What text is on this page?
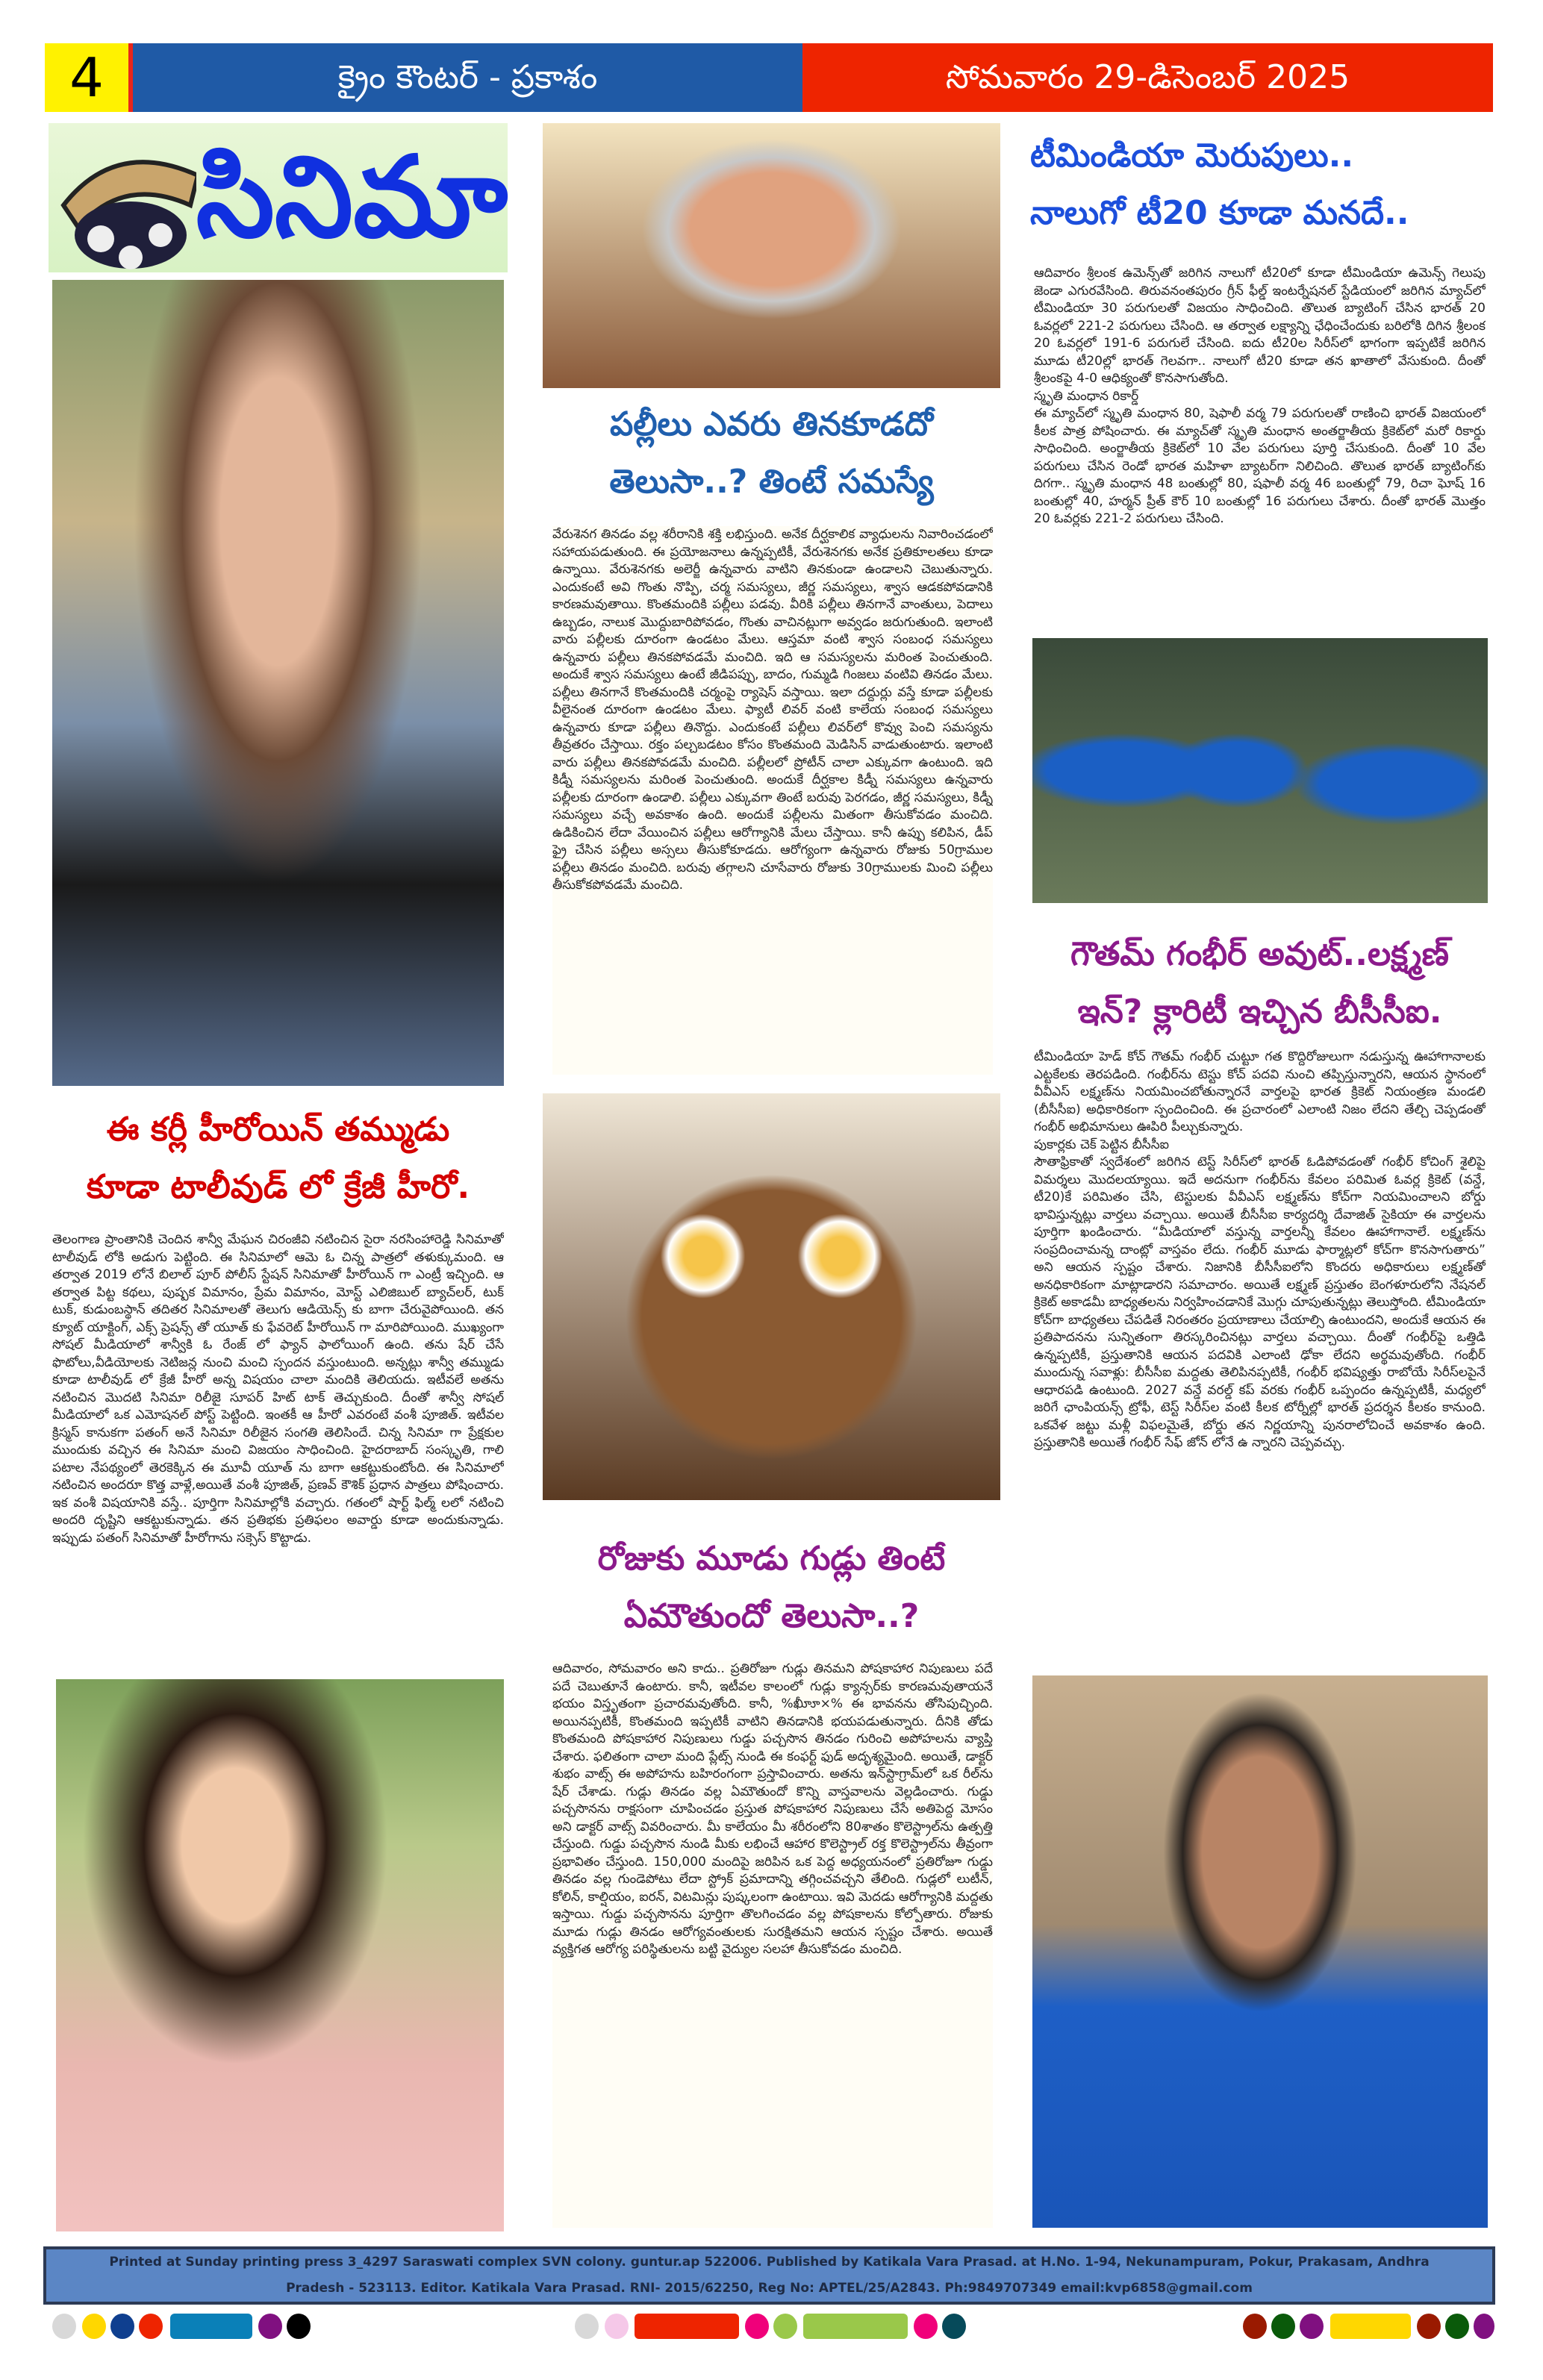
4	క్రైం కౌంటర్ - ప్రకాశం	సోమవారం 29-డిసెంబర్ 2025
సినిమా
ఈ కర్లీ హీరోయిన్ తమ్ముడు
కూడా టాలీవుడ్ లో క్రేజీ హీరో.
తెలంగాణ ప్రాంతానికి చెందిన శాన్వీ మేఘన చిరంజీవి నటించిన సైరా నరసింహారెడ్డి సినిమాతో టాలీవుడ్ లోకి అడుగు పెట్టింది. ఈ సినిమాలో ఆమె ఓ చిన్న పాత్రలో తళుక్కుమంది. ఆ తర్వాత 2019 లోనే బిలాల్ పూర్ పోలీస్ స్టేషన్ సినిమాతో హీరోయిన్ గా ఎంట్రీ ఇచ్చింది. ఆ తర్వాత పిట్ట కథలు, పుష్పక విమానం, ప్రేమ విమానం, మోస్ట్ ఎలిజిబుల్ బ్యాచ్‌లర్, టుక్ టుక్, కుడుంబస్థాన్ తదితర సినిమాలతో తెలుగు ఆడియెన్స్ కు బాగా చేరువైపోయింది. తన క్యూట్ యాక్టింగ్, ఎక్స్ ప్రెషన్స్ తో యూత్ కు ఫేవరెట్ హీరోయిన్ గా మారిపోయింది. ముఖ్యంగా సోషల్ మీడియాలో శాన్వీకి ఓ రేంజ్ లో ఫ్యాన్ ఫాలోయింగ్ ఉంది. తను షేర్ చేసే ఫొటోలు,వీడియోలకు నెటిజన్ల నుంచి మంచి స్పందన వస్తుంటుంది. అన్నట్లు శాన్వీ తమ్ముడు కూడా టాలీవుడ్ లో క్రేజీ హీరో అన్న విషయం చాలా మందికి తెలియదు. ఇటీవలే అతను నటించిన మొదటి సినిమా రిలీజై సూపర్ హిట్ టాక్ తెచ్చుకుంది. దీంతో శాన్వీ సోషల్ మీడియాలో ఒక ఎమోషనల్ పోస్ట్ పెట్టింది. ఇంతకీ ఆ హీరో ఎవరంటే వంశీ పూజిత్. ఇటీవల క్రిస్మస్ కానుకగా పతంగ్ అనే సినిమా రిలీజైన సంగతి తెలిసిందే. చిన్న సినిమా గా ప్రేక్షకుల ముందుకు వచ్చిన ఈ సినిమా మంచి విజయం సాధించింది. హైదరాబాద్ సంస్కృతి, గాలి పటాల నేపథ్యంలో తెరకెక్కిన ఈ మూవీ యూత్ ను బాగా ఆకట్టుకుంటోంది. ఈ సినిమాలో నటించిన అందరూ కొత్త వాళ్లే,అయితే వంశీ పూజిత్, ప్రణవ్ కౌశిక్ ప్రధాన పాత్రలు పోషించారు. ఇక వంశీ విషయానికి వస్తే.. పూర్తిగా సినిమాల్లోకి వచ్చారు. గతంలో షార్ట్ ఫిల్మ్ లలో నటించి అందరి దృష్టిని ఆకట్టుకున్నాడు. తన ప్రతిభకు ప్రతిఫలం అవార్డు కూడా అందుకున్నాడు. ఇప్పుడు పతంగ్ సినిమాతో హీరోగాను సక్సెస్ కొట్టాడు.
పల్లీలు ఎవరు తినకూడదో
తెలుసా..? తింటే సమస్యే
వేరుశెనగ తినడం వల్ల శరీరానికి శక్తి లభిస్తుంది. అనేక దీర్ఘకాలిక వ్యాధులను నివారించడంలో సహాయపడుతుంది. ఈ ప్రయోజనాలు ఉన్నప్పటికీ, వేరుశెనగకు అనేక ప్రతికూలతలు కూడా ఉన్నాయి. వేరుశెనగకు అలెర్జీ ఉన్నవారు వాటిని తినకుండా ఉండాలని చెబుతున్నారు. ఎందుకంటే అవి గొంతు నొప్పి, చర్మ సమస్యలు, జీర్ణ సమస్యలు, శ్వాస ఆడకపోవడానికి కారణమవుతాయి. కొంతమందికి పల్లీలు పడవు. వీరికి పల్లీలు తినగానే వాంతులు, పెదాలు ఉబ్బడం, నాలుక మొద్దుబారిపోవడం, గొంతు వాచినట్లుగా అవ్వడం జరుగుతుంది. ఇలాంటి వారు పల్లీలకు దూరంగా ఉండటం మేలు. ఆస్తమా వంటి శ్వాస సంబంధ సమస్యలు ఉన్నవారు పల్లీలు తినకపోవడమే మంచిది. ఇది ఆ సమస్యలను మరింత పెంచుతుంది. అందుకే శ్వాస సమస్యలు ఉంటే జీడిపప్పు, బాదం, గుమ్మడి గింజలు వంటివి తినడం మేలు. పల్లీలు తినగానే కొంతమందికి చర్మంపై ర్యాషెస్ వస్తాయి. ఇలా దద్దుర్లు వస్తే కూడా పల్లీలకు వీలైనంత దూరంగా ఉండటం మేలు. ఫ్యాటీ లివర్ వంటి కాలేయ సంబంధ సమస్యలు ఉన్నవారు కూడా పల్లీలు తినొద్దు. ఎందుకంటే పల్లీలు లివర్‌లో కొవ్వు పెంచి సమస్యను తీవ్రతరం చేస్తాయి. రక్తం పల్చబడటం కోసం కొంతమంది మెడిసిన్ వాడుతుంటారు. ఇలాంటి వారు పల్లీలు తినకపోవడమే మంచిది. పల్లీలలో ప్రోటీన్ చాలా ఎక్కువగా ఉంటుంది. ఇది కిడ్నీ సమస్యలను మరింత పెంచుతుంది. అందుకే దీర్ఘకాల కిడ్నీ సమస్యలు ఉన్నవారు పల్లీలకు దూరంగా ఉండాలి. పల్లీలు ఎక్కువగా తింటే బరువు పెరగడం, జీర్ణ సమస్యలు, కిడ్నీ సమస్యలు వచ్చే అవకాశం ఉంది. అందుకే పల్లీలను మితంగా తీసుకోవడం మంచిది. ఉడికించిన లేదా వేయించిన పల్లీలు ఆరోగ్యానికి మేలు చేస్తాయి. కానీ ఉప్పు కలిపిన, డీప్ ఫ్రై చేసిన పల్లీలు అస్సలు తీసుకోకూడదు. ఆరోగ్యంగా ఉన్నవారు రోజుకు 50గ్రాముల పల్లీలు తినడం మంచిది. బరువు తగ్గాలని చూసేవారు రోజుకు 30గ్రాములకు మించి పల్లీలు తీసుకోకపోవడమే మంచిది.
రోజుకు మూడు గుడ్లు తింటే
ఏమౌతుందో తెలుసా..?
ఆదివారం, సోమవారం అని కాదు.. ప్రతిరోజూ గుడ్లు తినమని పోషకాహార నిపుణులు పదే పదే చెబుతూనే ఉంటారు. కానీ, ఇటీవల కాలంలో గుడ్లు క్యాన్సర్‌కు కారణమవుతాయనే భయం విస్తృతంగా ప్రచారమవుతోంది. కానీ, %ఖీూూ×% ఈ భావనను తోసిపుచ్చింది. అయినప్పటికీ, కొంతమంది ఇప్పటికీ వాటిని తినడానికి భయపడుతున్నారు. దీనికి తోడు కొంతమంది పోషకాహార నిపుణులు గుడ్డు పచ్చసొన తినడం గురించి అపోహలను వ్యాప్తి చేశారు. ఫలితంగా చాలా మంది ప్లేట్స్ నుండి ఈ కంఫర్ట్ ఫుడ్ అదృశ్యమైంది. అయితే, డాక్టర్ శుభం వాట్స్ ఈ అపోహను బహిరంగంగా ప్రస్తావించారు. అతను ఇన్‌స్టాగ్రామ్‌లో ఒక రీల్‌ను షేర్ చేశాడు. గుడ్లు తినడం వల్ల ఏమౌతుందో కొన్ని వాస్తవాలను వెల్లడించారు. గుడ్డు పచ్చసొనను రాక్షసంగా చూపించడం ప్రస్తుత పోషకాహార నిపుణులు చేసే అతిపెద్ద మోసం అని డాక్టర్ వాట్స్ వివరించారు. మీ కాలేయం మీ శరీరంలోని 80శాతం కొలెస్ట్రాల్‌ను ఉత్పత్తి చేస్తుంది. గుడ్డు పచ్చసొన నుండి మీకు లభించే ఆహార కొలెస్ట్రాల్ రక్త కొలెస్ట్రాల్‌ను తీవ్రంగా ప్రభావితం చేస్తుంది. 150,000 మందిపై జరిపిన ఒక పెద్ద అధ్యయనంలో ప్రతిరోజూ గుడ్డు తినడం వల్ల గుండెపోటు లేదా స్ట్రోక్ ప్రమాదాన్ని తగ్గించవచ్చని తేలింది. గుడ్లలో లుటీన్, కోలిన్, కాల్షియం, ఐరన్, విటమిన్లు పుష్కలంగా ఉంటాయి. ఇవి మెదడు ఆరోగ్యానికి మద్దతు ఇస్తాయి. గుడ్డు పచ్చసొనను పూర్తిగా తొలగించడం వల్ల పోషకాలను కోల్పోతారు. రోజుకు మూడు గుడ్లు తినడం ఆరోగ్యవంతులకు సురక్షితమని ఆయన స్పష్టం చేశారు. అయితే వ్యక్తిగత ఆరోగ్య పరిస్థితులను బట్టి వైద్యుల సలహా తీసుకోవడం మంచిది.
టీమిండియా మెరుపులు..
నాలుగో టీ20 కూడా మనదే..

ఆదివారం శ్రీలంక ఉమెన్స్‌తో జరిగిన నాలుగో టీ20లో కూడా టీమిండియా ఉమెన్స్ గెలుపు జెండా ఎగురవేసింది. తిరువనంతపురం గ్రీన్ ఫీల్డ్ ఇంటర్నేషనల్ స్టేడియంలో జరిగిన మ్యాచ్‌లో టీమిండియా 30 పరుగులతో విజయం సాధించింది. తొలుత బ్యాటింగ్ చేసిన భారత్ 20 ఓవర్లలో 221-2 పరుగులు చేసింది. ఆ తర్వాత లక్ష్యాన్ని ఛేధించేందుకు బరిలోకి దిగిన శ్రీలంక 20 ఓవర్లలో 191-6 పరుగులే చేసింది. ఐదు టీ20ల సిరీస్‌లో భాగంగా ఇప్పటికే జరిగిన మూడు టీ20ల్లో భారత్ గెలవగా.. నాలుగో టీ20 కూడా తన ఖాతాలో వేసుకుంది. దీంతో శ్రీలంకపై 4-0 ఆధిక్యంతో కొనసాగుతోంది.

స్మృతి మంధాన రికార్డ్

ఈ మ్యాచ్‌లో స్మృతి మంధాన 80, షెఫాలీ వర్మ 79 పరుగులతో రాణించి భారత్ విజయంలో కీలక పాత్ర పోషించారు. ఈ మ్యాచ్‌తో స్మృతి మంధాన అంతర్జాతీయ క్రికెట్‌లో మరో రికార్డు సాధించింది. అంర్జాతీయ క్రికెట్‌లో 10 వేల పరుగులు పూర్తి చేసుకుంది. దీంతో 10 వేల పరుగులు చేసిన రెండో భారత మహిళా బ్యాటర్‌గా నిలిచింది. తొలుత భారత్ బ్యాటింగ్‌కు దిగగా.. స్మృతి మంధాన 48 బంతుల్లో 80, షఫాలీ వర్మ 46 బంతుల్లో 79, రిచా ఘోష్ 16 బంతుల్లో 40, హర్మన్ ప్రీత్ కౌర్ 10 బంతుల్లో 16 పరుగులు చేశారు. దీంతో భారత్ మొత్తం 20 ఓవర్లకు 221-2 పరుగులు చేసింది.

గౌతమ్ గంభీర్ అవుట్..లక్ష్మణ్
ఇన్? క్లారిటీ ఇచ్చిన బీసీసీఐ.

టీమిండియా హెడ్ కోచ్ గౌతమ్ గంభీర్ చుట్టూ గత కొద్దిరోజులుగా నడుస్తున్న ఊహాగానాలకు ఎట్టకేలకు తెరపడింది. గంభీర్‌ను టెస్టు కోచ్ పదవి నుంచి తప్పిస్తున్నారని, ఆయన స్థానంలో వీవీఎస్ లక్ష్మణ్‌ను నియమించబోతున్నారనే వార్తలపై భారత క్రికెట్ నియంత్రణ మండలి (బీసీసీఐ) అధికారికంగా స్పందించింది. ఈ ప్రచారంలో ఎలాంటి నిజం లేదని తేల్చి చెప్పడంతో గంభీర్ అభిమానులు ఊపిరి పీల్చుకున్నారు.

పుకార్లకు చెక్ పెట్టిన బీసీసీఐ

సౌతాఫ్రికాతో స్వదేశంలో జరిగిన టెస్ట్ సిరీస్‌లో భారత్ ఓడిపోవడంతో గంభీర్ కోచింగ్ శైలిపై విమర్శలు మొదలయ్యాయి. ఇదే అదనుగా గంభీర్‌ను కేవలం పరిమిత ఓవర్ల క్రికెట్ (వన్డే, టీ20)కే పరిమితం చేసి, టెస్టులకు వీవీఎస్ లక్ష్మణ్‌ను కోచ్‌గా నియమించాలని బోర్డు భావిస్తున్నట్లు వార్తలు వచ్చాయి. అయితే బీసీసీఐ కార్యదర్శి దేవాజిత్ సైకియా ఈ వార్తలను పూర్తిగా ఖండించారు. “మీడియాలో వస్తున్న వార్తలన్నీ కేవలం ఊహాగానాలే. లక్ష్మణ్‌ను సంప్రదించామన్న దాంట్లో వాస్తవం లేదు. గంభీర్ మూడు ఫార్మాట్లలో కోచ్‌గా కొనసాగుతారు” అని ఆయన స్పష్టం చేశారు. నిజానికి బీసీసీఐలోని కొందరు అధికారులు లక్ష్మణ్‌తో అనధికారికంగా మాట్లాడారని సమాచారం. అయితే లక్ష్మణ్ ప్రస్తుతం బెంగళూరులోని నేషనల్ క్రికెట్ అకాడమీ బాధ్యతలను నిర్వహించడానికే మొగ్గు చూపుతున్నట్లు తెలుస్తోంది. టీమిండియా కోచ్‌గా బాధ్యతలు చేపడితే నిరంతరం ప్రయాణాలు చేయాల్సి ఉంటుందని, అందుకే ఆయన ఈ ప్రతిపాదనను సున్నితంగా తిరస్కరించినట్లు వార్తలు వచ్చాయి. దీంతో గంభీర్‌పై ఒత్తిడి ఉన్నప్పటికీ, ప్రస్తుతానికి ఆయన పదవికి ఎలాంటి ఢోకా లేదని అర్థమవుతోంది. గంభీర్ ముందున్న సవాళ్లు: బీసీసీఐ మద్దతు తెలిపినప్పటికీ, గంభీర్ భవిష్యత్తు రాబోయే సిరీస్‌లపైనే ఆధారపడి ఉంటుంది. 2027 వన్డే వరల్డ్ కప్ వరకు గంభీర్ ఒప్పందం ఉన్నప్పటికీ, మధ్యలో జరిగే ఛాంపియన్స్ ట్రోఫీ, టెస్ట్ సిరీస్‌ల వంటి కీలక టోర్నీల్లో భారత్ ప్రదర్శన కీలకం కానుంది. ఒకవేళ జట్టు మళ్లీ విఫలమైతే, బోర్డు తన నిర్ణయాన్ని పునరాలోచించే అవకాశం ఉంది. ప్రస్తుతానికి అయితే గంభీర్ సేఫ్ జోన్ లోనే ఉ న్నారని చెప్పవచ్చు.

Printed at Sunday printing press 3_4297 Saraswati complex SVN colony. guntur.ap 522006. Published by Katikala Vara Prasad. at H.No. 1-94, Nekunampuram, Pokur, Prakasam, Andhra
Pradesh - 523113. Editor. Katikala Vara Prasad. RNI- 2015/62250, Reg No: APTEL/25/A2843. Ph:9849707349 email:kvp6858@gmail.com
